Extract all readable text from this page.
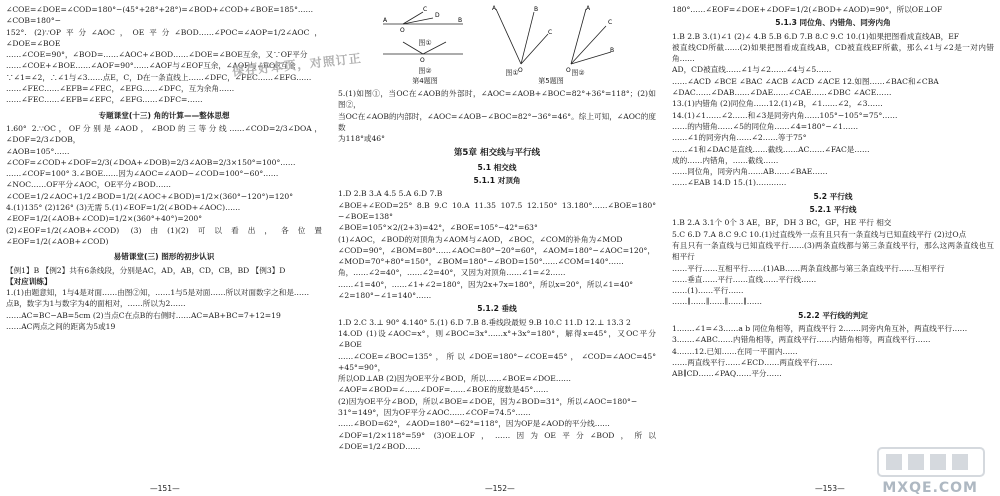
∠COE=∠DOE=∠COD=180°−(45°+28°+28°)=∠BOD+∠COD+∠BOE=185°……∠COB=180°−

152°. (2)∵OP平分∠AOC，OE平分∠BOD……∠POC=∠AOP=1/2∠AOC，∠DOE=∠BOE

……∠COE=90°，∠BOD=……∠AOC+∠BOD……∠DOE=∠BOE互余，又∵OF平分

……∠COE+∠BOE……∠AOF=90°……∠AOF与∠EOF互余，∠AOF与∠BOF互余

∵∠1=∠2，∴∠1与∠3……点E，C，D在一条直线上……∠DFC，∠FEC……∠EFG……

……∠FEC……∠EFB=∠FEC，∠EFG……∠DFC，互为余角……

……∠FEC……∠EFB=∠EFC，∠EFG……∠DFC=……

专题课堂(十三) 角的计算——整体思想

1.60° 2.∵OC，OF分别是∠AOD，∠BOD的三等分线……∠COD=2/3∠DOA，∠DOF=2/3∠DOB，

∠AOB=105°……∠COF=∠COD+∠DOF=2/3(∠DOA+∠DOB)=2/3∠AOB=2/3×150°=100°……

……∠COF=100° 3.∠BOE……因为∠AOC=∠AOD−∠COD=100°−60°……

∠NOC……OF平分∠AOC，OE平分∠BOD……

∠COE=1/2∠AOC+1/2∠BOD=1/2(∠AOC+∠BOD)=1/2×(360°−120°)=120°

4.(1)135° (2)126° (3)无需 5.(1)∠EOF=1/2(∠BOD+∠AOC)……

∠EOF=1/2(∠AOB+∠COD)=1/2×(360°+40°)=200°

(2)∠EOF=1/2(∠AOB+∠COD) (3)由(1)(2)可以看出，各位置∠EOF=1/2(∠AOB+∠COD)

易错课堂(三) 图形的初步认识

【例1】B 【例2】共有6条线段，分别是AC，AD，AB，CD，CB，BD 【例3】D

【对应训练】

1.(1)由题意知，1与4是对面……由图②知，……1与5是对面……所以对面数字之和是……

点B，数字为1与数字为4的面相对，……所以为2……

……AC=BC−AB=5cm (2)当点C在点B的右侧时……AC=AB+BC=7+12=19

……AC两点之间的距离为5或19

保存好本页，对照订正
—151—
A	B
C
D
O
O
图①
图②
第4题图
A
C
B
O
A
C
B
O
图①	图②
第5题图

5.(1)如图①，当OC在∠AOB的外部时，∠AOC=∠AOB+∠BOC=82°+36°=118°；(2)如图②，

当OC在∠AOB的内部时，∠AOC=∠AOB−∠BOC=82°−36°=46°。综上可知，∠AOC的度数

为118°或46°

第5章 相交线与平行线
5.1 相交线
5.1.1 对顶角

1.D 2.B 3.A 4.5 5.A 6.D 7.B

∠BOE+∠EOD=25° 8.B 9.C 10.A 11.35 107.5 12.150° 13.180°……∠BOE=180°−∠BOE=138°

∠BOE=105°×2/(2+3)=42°，∠BOE=105°−42°=63°

(1)∠AOC，∠BOD的对顶角为∠AOM与∠AOD，∠BOC，∠COM的补角为∠MOD

∠COD=90°，∠BOM=80°……∠AOC=80°−20°=60°，∠AOM=180°−∠AOC=120°，

∠MOD=70°+80°=150°，∠BOM=180°−∠BOD=150°……∠COM=140°……

角，……∠2=40°，……∠2=40°，又因为对顶角……∠1=∠2……

……∠1=40°，……∠1+∠2=180°，因为2x+7x=180°，所以x=20°，所以∠1=40°

∠2=180°−∠1=140°……

5.1.2 垂线

1.D 2.C 3.⊥ 90° 4.140° 5.(1) 6.D 7.B 8.垂线段最短 9.B 10.C 11.D 12.⊥ 13.3 2

14.OD (1)设∠AOC=x°，则∠BOC=3x°……x°+3x°=180°，解得x=45°，又OC平分∠BOE

……∠COE=∠BOC=135°，所以∠DOE=180°−∠COE=45°，∠COD=∠AOC=45°+45°=90°，

所以OD⊥AB (2)因为OE平分∠BOD，所以……∠BOE=∠DOE……

∠AOF=∠BOD=∠……∠DOF=……∠BOE的度数是45°……

(2)因为OE平分∠BOD，所以∠BOE=∠DOE，因为∠BOD=31°，所以∠AOC=180°−

31°=149°，因为OF平分∠AOC……∠COF=74.5°……

……∠BOD=62°，∠AOD=180°−62°=118°，因为OF是∠AOD的平分线……

∠DOF=1/2×118°=59° (3)OE⊥OF，……因为OE平分∠BOD，所以∠DOE=1/2∠BOD……

—152—

180°……∠EOF=∠DOE+∠DOF=1/2(∠BOD+∠AOD)=90°，所以OE⊥OF

5.1.3 同位角、内错角、同旁内角

1.B 2.B 3.(1)∠1 (2)∠ 4.B 5.B 6.D 7.B 8.C 9.C 10.(1)如果把图看成直线AB，EF

被直线CD所截……(2)如果把图看成直线AB，CD被直线EF所截，那么∠1与∠2是一对内错角……

AD，CD被直线……∠1与∠2……∠4与∠5……

……∠ACD ∠BCE ∠BAC ∠ACB ∠ACD ∠ACE 12.如图……∠BAC和∠CBA

∠DAC……∠DAB……∠DAE……∠CAE……∠DBC ∠ACE……

13.(1)内错角 (2)同位角……12.(1)∠B，∠1……∠2，∠3……

14.(1)∠1……∠2……和∠3是同旁内角……105°−105°=75°……

……的内错角……∠5的同位角……∠4=180°−∠1……

……∠1的同旁内角……∠2……等于75°

……∠1和∠DAC是直线……截线……AC……∠FAC是……

成的……内错角，……截线……

……同位角，同旁内角……AB……∠BAE……

……∠EAB 14.D 15.(1)…………

5.2 平行线
5.2.1 平行线

1.B 2.A 3.1个 0个 3 AE，BF，DH 3 BC，GF，HE 平行 相交

5.C 6.D 7.A 8.C 9.C 10.(1)过直线外一点有且只有一条直线与已知直线平行 (2)过O点

有且只有一条直线与已知直线平行……(3)两条直线都与第三条直线平行，那么这两条直线也互相平行

……平行……互相平行……(1)AB……两条直线都与第三条直线平行……互相平行

……垂直……平行……直线……平行线……

……(1)……平行……

……∥……∥……∥……∥……

5.2.2 平行线的判定

1.……∠1=∠3……a b 同位角相等，两直线平行 2.……同旁内角互补，两直线平行……

3.……∠ABC……内错角相等，两直线平行……内错角相等，两直线平行……

4.……12.已知……在同一平面内……

……两直线平行……∠ECD……两直线平行……

AB∥CD……∠PAQ……平分……

—153—	MXQE.COM
